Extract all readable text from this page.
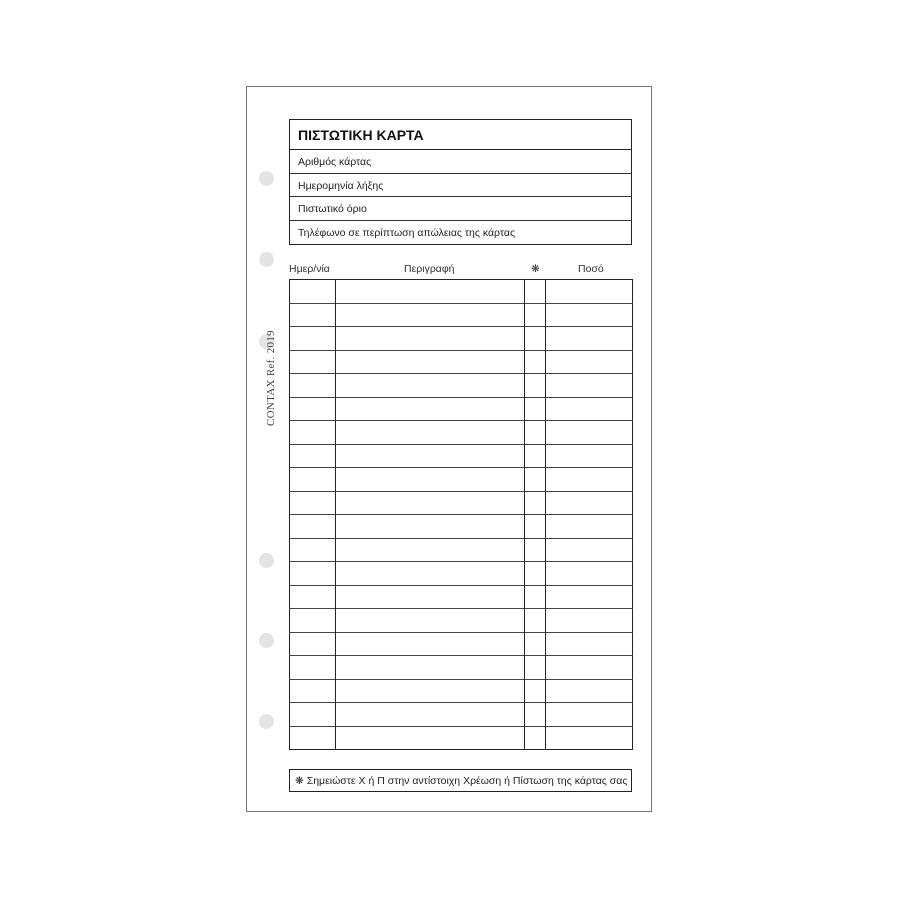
CONTAX Ref. 2019
ΠΙΣΤΩΤΙΚΗ ΚΑΡΤΑ
Αριθμός κάρτας
Ημερομηνία λήξης
Πιστωτικό όριο
Τηλέφωνο σε περίπτωση απώλειας της κάρτας
Ημερ/νία	Περιγραφή	❋	Ποσό

❋ Σημειώστε Χ ή Π στην αντίστοιχη Χρέωση ή Πίστωση της κάρτας σας
